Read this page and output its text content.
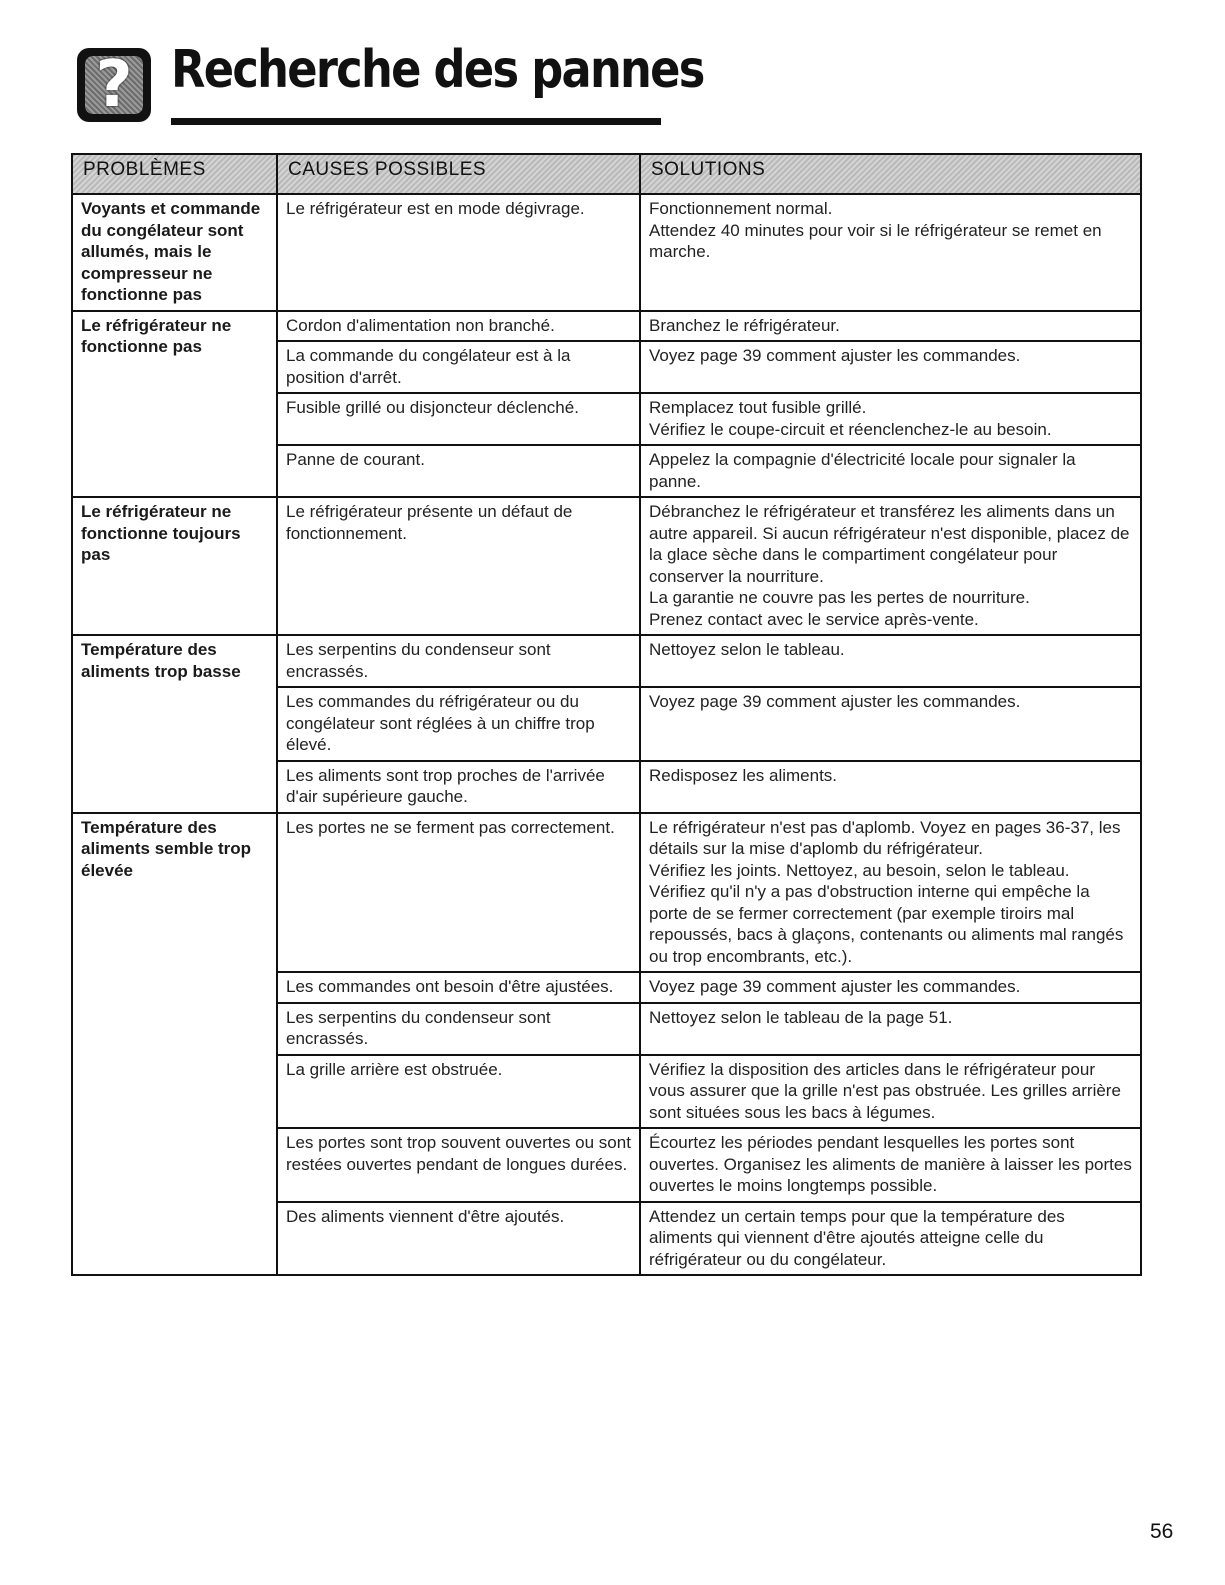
? Recherche des pannes
PROBLÈMES	CAUSES POSSIBLES	SOLUTIONS
Voyants et commande du congélateur sont allumés, mais le compresseur ne fonctionne pas	Le réfrigérateur est en mode dégivrage.	Fonctionnement normal.
Attendez 40 minutes pour voir si le réfrigérateur se remet en marche.

Le réfrigérateur ne fonctionne pas	Cordon d'alimentation non branché.	Branchez le réfrigérateur.

	La commande du congélateur est à la position d'arrêt.	Voyez page 39 comment ajuster les commandes.

	Fusible grillé ou disjoncteur déclenché.	Remplacez tout fusible grillé.
Vérifiez le coupe-circuit et réenclenchez-le au besoin.

	Panne de courant.	Appelez la compagnie d'électricité locale pour signaler la panne.

Le réfrigérateur ne fonctionne toujours pas	Le réfrigérateur présente un défaut de fonctionnement.	Débranchez le réfrigérateur et transférez les aliments dans un autre appareil. Si aucun réfrigérateur n'est disponible, placez de la glace sèche dans le compartiment congélateur pour conserver la nourriture.
La garantie ne couvre pas les pertes de nourriture.
Prenez contact avec le service après-vente.

Température des aliments trop basse	Les serpentins du condenseur sont encrassés.	Nettoyez selon le tableau.

	Les commandes du réfrigérateur ou du congélateur sont réglées à un chiffre trop élevé.	Voyez page 39 comment ajuster les commandes.

	Les aliments sont trop proches de l'arrivée d'air supérieure gauche.	Redisposez les aliments.

Température des aliments semble trop élevée	Les portes ne se ferment pas correctement.	Le réfrigérateur n'est pas d'aplomb. Voyez en pages 36-37, les détails sur la mise d'aplomb du réfrigérateur.
Vérifiez les joints. Nettoyez, au besoin, selon le tableau.
Vérifiez qu'il n'y a pas d'obstruction interne qui empêche la porte de se fermer correctement (par exemple tiroirs mal repoussés, bacs à glaçons, contenants ou aliments mal rangés ou trop encombrants, etc.).

	Les commandes ont besoin d'être ajustées.	Voyez page 39 comment ajuster les commandes.

	Les serpentins du condenseur sont encrassés.	Nettoyez selon le tableau de la page 51.

	La grille arrière est obstruée.	Vérifiez la disposition des articles dans le réfrigérateur pour vous assurer que la grille n'est pas obstruée. Les grilles arrière sont situées sous les bacs à légumes.

	Les portes sont trop souvent ouvertes ou sont restées ouvertes pendant de longues durées.	Écourtez les périodes pendant lesquelles les portes sont ouvertes. Organisez les aliments de manière à laisser les portes ouvertes le moins longtemps possible.

	Des aliments viennent d'être ajoutés.	Attendez un certain temps pour que la température des aliments qui viennent d'être ajoutés atteigne celle du réfrigérateur ou du congélateur.
56
